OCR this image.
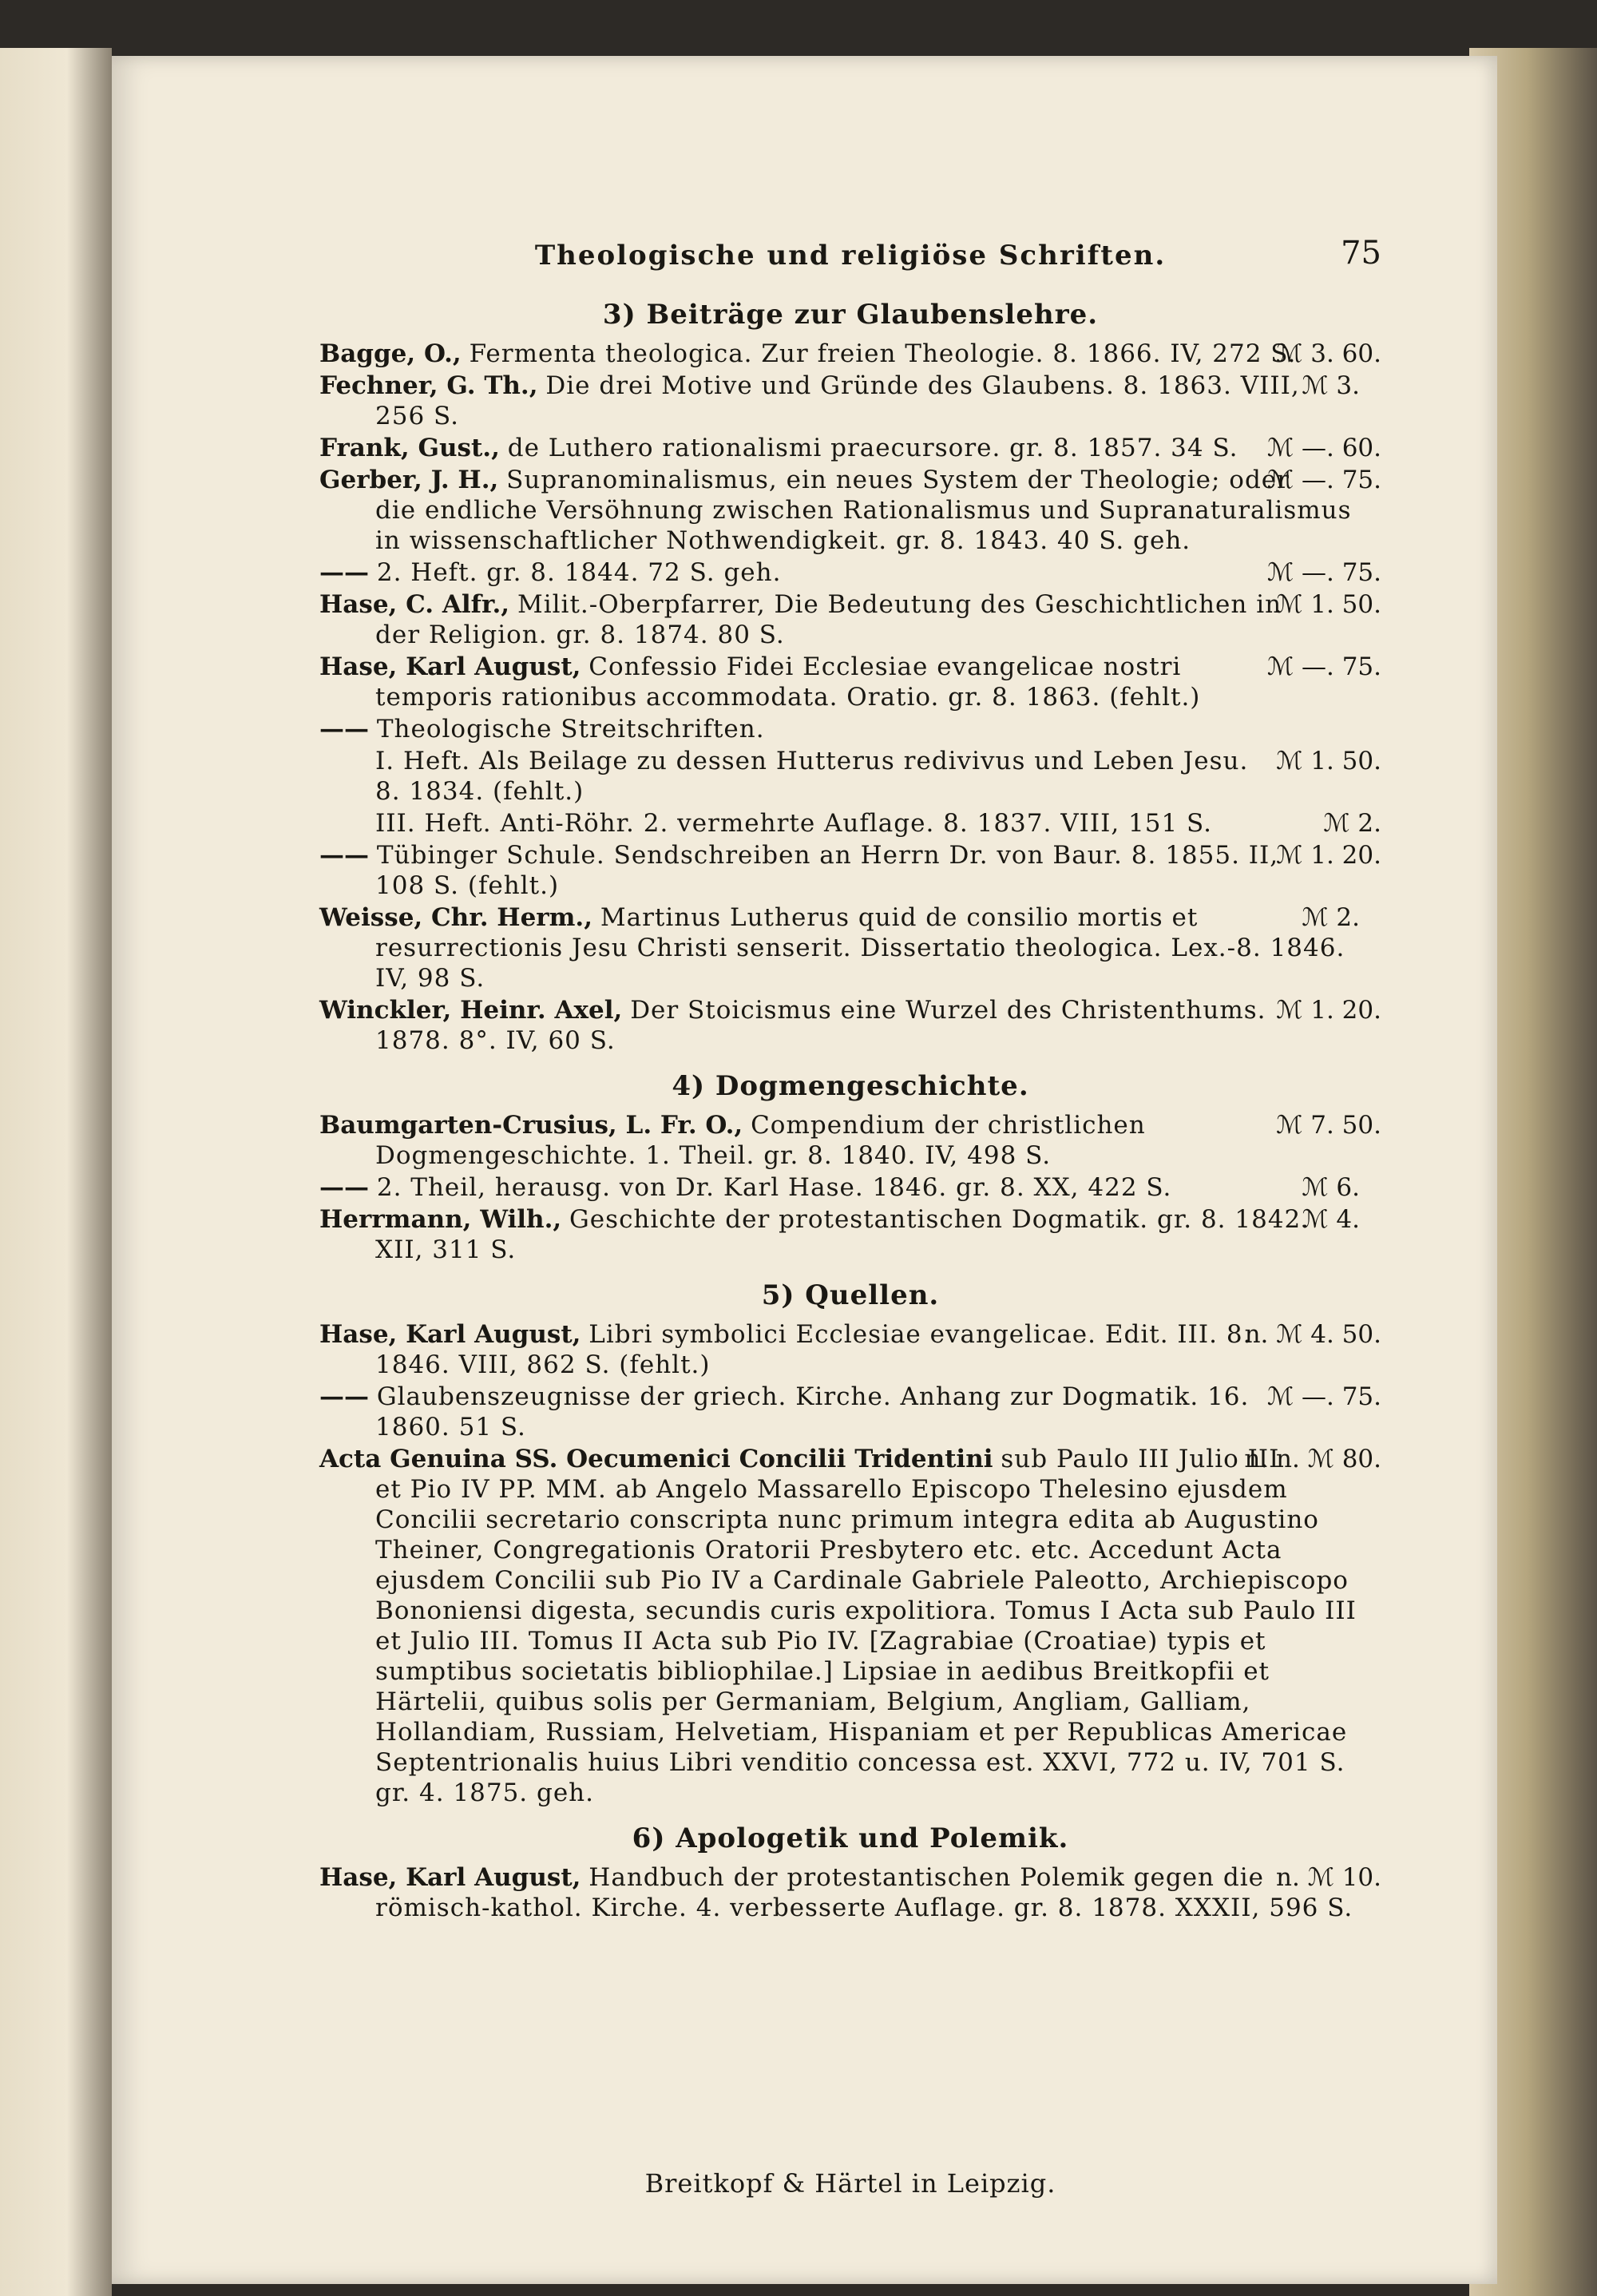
Theologische und religiöse Schriften.	75
3) Beiträge zur Glaubenslehre.
ℳ 3. 60.
Bagge, O., Fermenta theologica. Zur freien Theologie. 8. 1866. IV, 272 S.
ℳ 3.
Fechner, G. Th., Die drei Motive und Gründe des Glaubens. 8. 1863. VIII, 256 S.
ℳ —. 60.
Frank, Gust., de Luthero rationalismi praecursore. gr. 8. 1857. 34 S.
ℳ —. 75.
Gerber, J. H., Supranominalismus, ein neues System der Theologie; oder die endliche Versöhnung zwischen Rationalismus und Supranaturalismus in wissenschaftlicher Nothwendigkeit. gr. 8. 1843. 40 S. geh.
ℳ —. 75.
—— 2. Heft. gr. 8. 1844. 72 S. geh.
ℳ 1. 50.
Hase, C. Alfr., Milit.-Oberpfarrer, Die Bedeutung des Geschichtlichen in der Religion. gr. 8. 1874. 80 S.
ℳ —. 75.
Hase, Karl August, Confessio Fidei Ecclesiae evangelicae nostri temporis rationibus accommodata. Oratio. gr. 8. 1863. (fehlt.)
—— Theologische Streitschriften.
ℳ 1. 50.
I. Heft. Als Beilage zu dessen Hutterus redivivus und Leben Jesu. 8. 1834. (fehlt.)
ℳ 2.
III. Heft. Anti-Röhr. 2. vermehrte Auflage. 8. 1837. VIII, 151 S.
ℳ 1. 20.
—— Tübinger Schule. Sendschreiben an Herrn Dr. von Baur. 8. 1855. II, 108 S. (fehlt.)
ℳ 2.
Weisse, Chr. Herm., Martinus Lutherus quid de consilio mortis et resurrectionis Jesu Christi senserit. Dissertatio theologica. Lex.-8. 1846. IV, 98 S.
ℳ 1. 20.
Winckler, Heinr. Axel, Der Stoicismus eine Wurzel des Christenthums. 1878. 8°. IV, 60 S.
4) Dogmengeschichte.
ℳ 7. 50.
Baumgarten-Crusius, L. Fr. O., Compendium der christlichen Dogmengeschichte. 1. Theil. gr. 8. 1840. IV, 498 S.
ℳ 6.
—— 2. Theil, herausg. von Dr. Karl Hase. 1846. gr. 8. XX, 422 S.
ℳ 4.
Herrmann, Wilh., Geschichte der protestantischen Dogmatik. gr. 8. 1842. XII, 311 S.
5) Quellen.
n. ℳ 4. 50.
Hase, Karl August, Libri symbolici Ecclesiae evangelicae. Edit. III. 8. 1846. VIII, 862 S. (fehlt.)
ℳ —. 75.
—— Glaubenszeugnisse der griech. Kirche. Anhang zur Dogmatik. 16. 1860. 51 S.
n. n. ℳ 80.
Acta Genuina SS. Oecumenici Concilii Tridentini sub Paulo III Julio III et Pio IV PP. MM. ab Angelo Massarello Episcopo Thelesino ejusdem Concilii secretario conscripta nunc primum integra edita ab Augustino Theiner, Congregationis Oratorii Presbytero etc. etc. Accedunt Acta ejusdem Concilii sub Pio IV a Cardinale Gabriele Paleotto, Archiepiscopo Bononiensi digesta, secundis curis expolitiora. Tomus I Acta sub Paulo III et Julio III. Tomus II Acta sub Pio IV. [Zagrabiae (Croatiae) typis et sumptibus societatis bibliophilae.] Lipsiae in aedibus Breitkopfii et Härtelii, quibus solis per Germaniam, Belgium, Angliam, Galliam, Hollandiam, Russiam, Helvetiam, Hispaniam et per Republicas Americae Septentrionalis huius Libri venditio concessa est. XXVI, 772 u. IV, 701 S. gr. 4. 1875. geh.
6) Apologetik und Polemik.
n. ℳ 10.
Hase, Karl August, Handbuch der protestantischen Polemik gegen die römisch-kathol. Kirche. 4. verbesserte Auflage. gr. 8. 1878. XXXII, 596 S.
Breitkopf & Härtel in Leipzig.
